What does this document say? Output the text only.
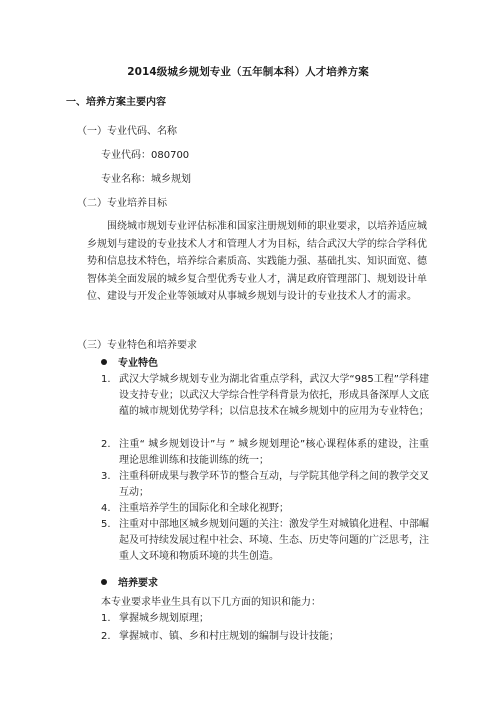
2014级城乡规划专业（五年制本科）人才培养方案
一、培养方案主要内容
（一）专业代码、名称
专业代码：080700
专业名称：城乡规划
（二）专业培养目标
围绕城市规划专业评估标准和国家注册规划师的职业要求，以培养适应城乡规划与建设的专业技术人才和管理人才为目标，结合武汉大学的综合学科优势和信息技术特色，培养综合素质高、实践能力强、基础扎实、知识面宽、德智体美全面发展的城乡复合型优秀专业人才，满足政府管理部门、规划设计单位、建设与开发企业等领域对从事城乡规划与设计的专业技术人才的需求。
（三）专业特色和培养要求
专业特色
1. 武汉大学城乡规划专业为湖北省重点学科，武汉大学“985工程”学科建设支持专业；以武汉大学综合性学科背景为依托，形成具备深厚人文底蕴的城市规划优势学科；以信息技术在城乡规划中的应用为专业特色；
2. 注重“ 城乡规划设计”与 ” 城乡规划理论”核心课程体系的建设，注重理论思维训练和技能训练的统一；
3. 注重科研成果与教学环节的整合互动，与学院其他学科之间的教学交叉互动；
4. 注重培养学生的国际化和全球化视野；
5. 注重对中部地区城乡规划问题的关注：激发学生对城镇化进程、中部崛起及可持续发展过程中社会、环境、生态、历史等问题的广泛思考，注重人文环境和物质环境的共生创造。
培养要求
本专业要求毕业生具有以下几方面的知识和能力：
1. 掌握城乡规划原理；
2. 掌握城市、镇、乡和村庄规划的编制与设计技能；
